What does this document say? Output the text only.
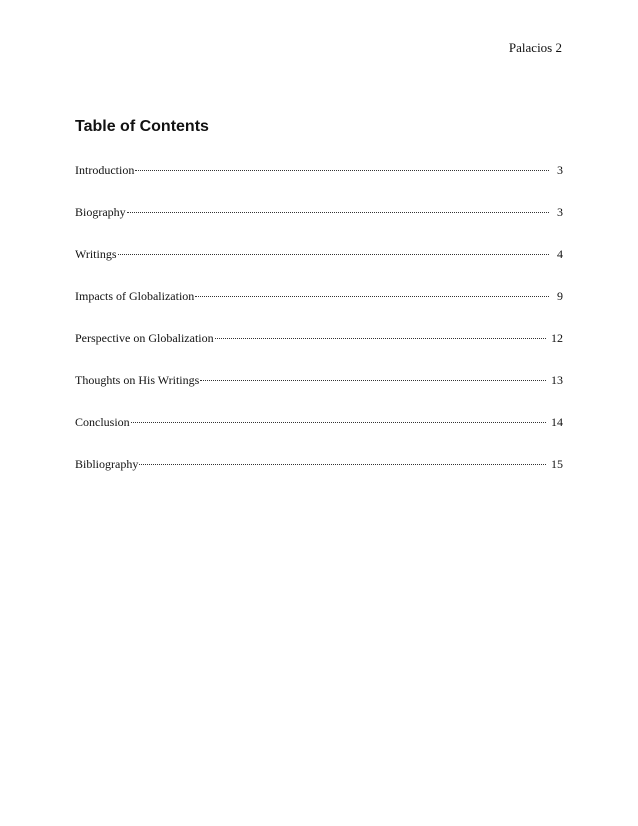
Palacios 2
Table of Contents
Introduction	3
Biography	3
Writings	4
Impacts of Globalization	9
Perspective on Globalization	12
Thoughts on His Writings	13
Conclusion	14
Bibliography	15
